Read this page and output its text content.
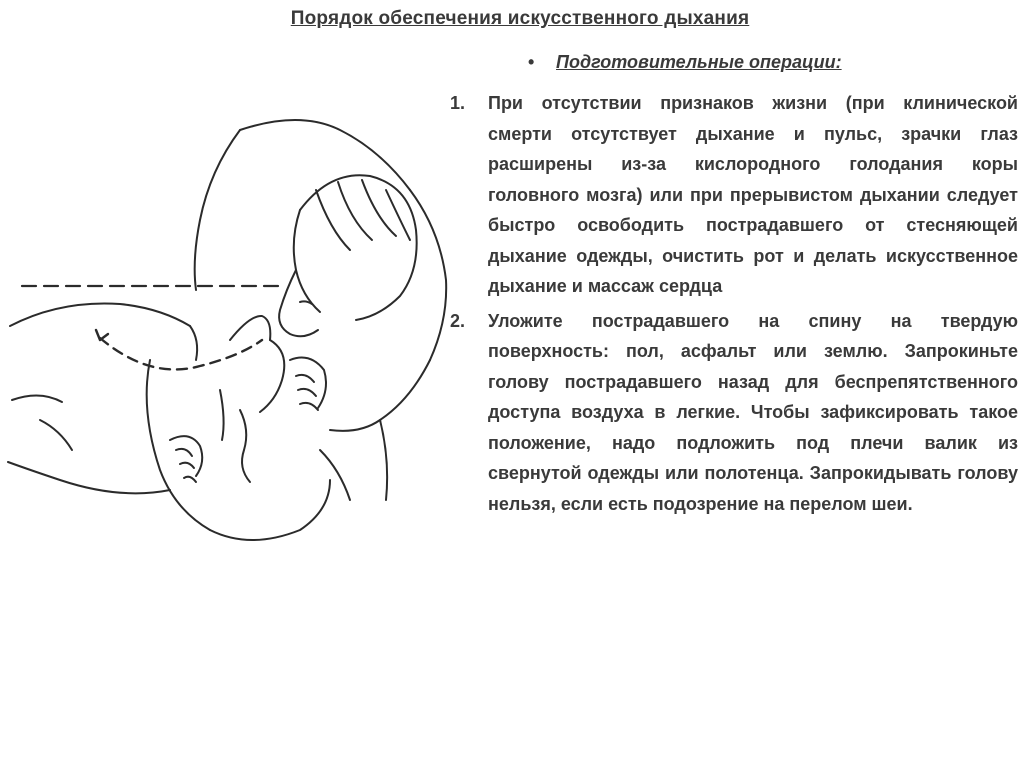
Порядок обеспечения искусственного дыхания
• Подготовительные операции:
1. При отсутствии признаков жизни (при клинической смерти отсутствует дыхание и пульс, зрачки глаз расширены из-за кислородного голодания коры головного мозга) или при прерывистом дыхании следует быстро освободить пострадавшего от стесняющей дыхание одежды, очистить рот и делать искусственное дыхание и массаж сердца
2. Уложите пострадавшего на спину на твердую поверхность: пол, асфальт или землю. Запрокиньте голову пострадавшего назад для беспрепятственного доступа воздуха в легкие. Чтобы зафиксировать такое положение, надо подложить под плечи валик из свернутой одежды или полотенца. Запрокидывать голову нельзя, если есть подозрение на перелом шеи.
